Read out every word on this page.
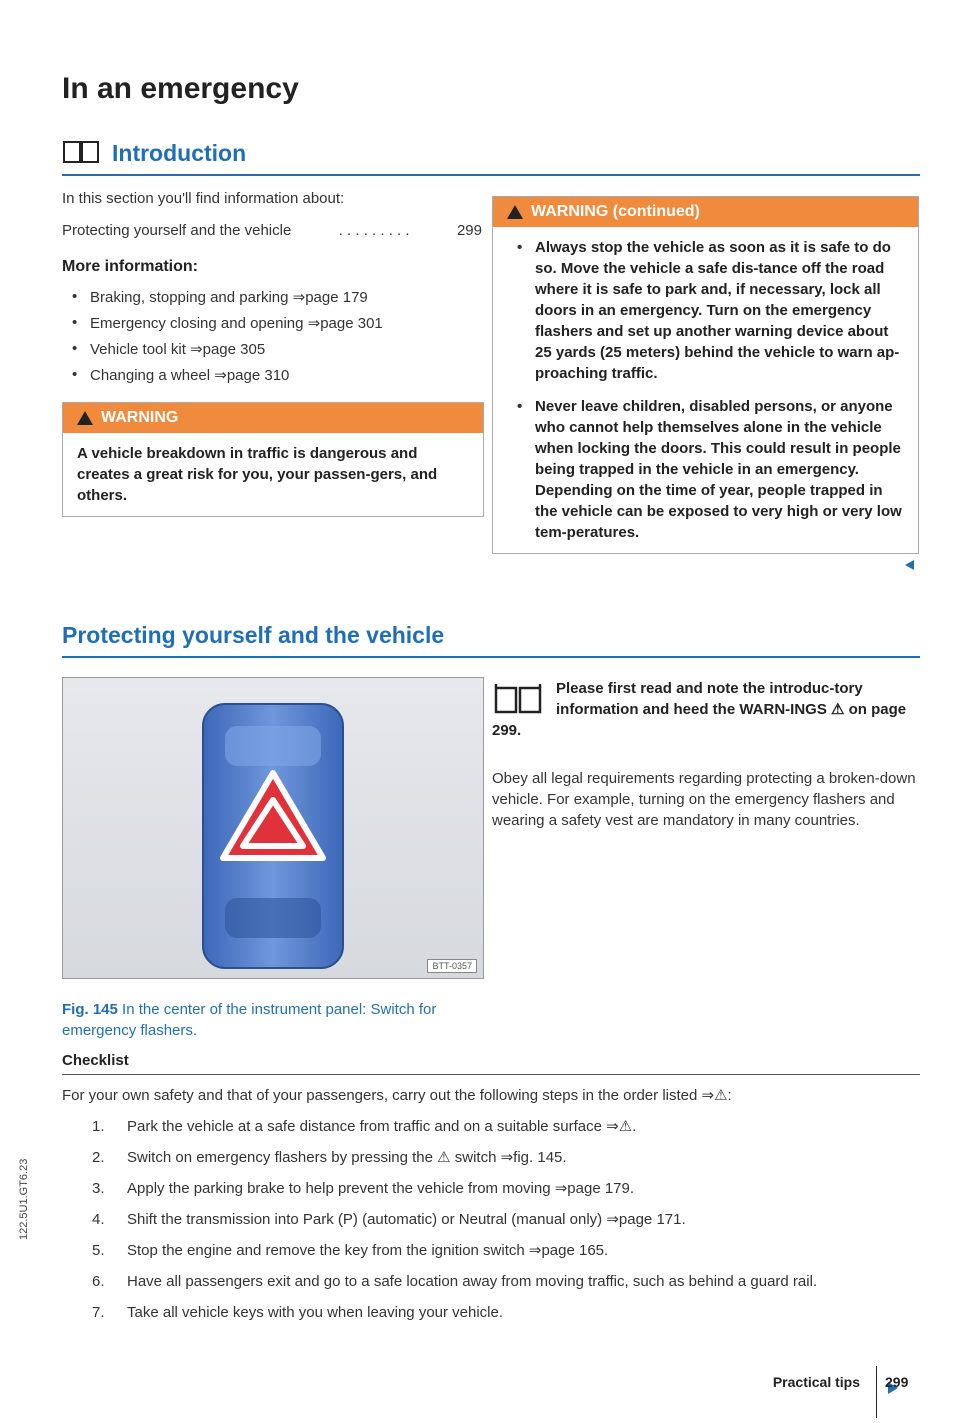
In an emergency
Introduction
In this section you'll find information about:
Protecting yourself and the vehicle	. . . . . . . . .	299
More information:
• Braking, stopping and parking ⇒page 179
• Emergency closing and opening ⇒page 301
• Vehicle tool kit ⇒page 305
• Changing a wheel ⇒page 310
WARNING
A vehicle breakdown in traffic is dangerous and creates a great risk for you, your passen-gers, and others.
WARNING (continued)
• Always stop the vehicle as soon as it is safe to do so. Move the vehicle a safe dis-tance off the road where it is safe to park and, if necessary, lock all doors in an emergency. Turn on the emergency flashers and set up another warning device about 25 yards (25 meters) behind the vehicle to warn ap-proaching traffic.
• Never leave children, disabled persons, or anyone who cannot help themselves alone in the vehicle when locking the doors. This could result in people being trapped in the vehicle in an emergency. Depending on the time of year, people trapped in the vehicle can be exposed to very high or very low tem-peratures.
Protecting yourself and the vehicle
BTT-0357
Fig. 145 In the center of the instrument panel: Switch for emergency flashers.
Please first read and note the introduc-tory information and heed the WARN-INGS ⚠ on page 299.
Obey all legal requirements regarding protecting a broken-down vehicle. For example, turning on the emergency flashers and wearing a safety vest are mandatory in many countries.
Checklist
For your own safety and that of your passengers, carry out the following steps in the order listed ⇒⚠:
1. Park the vehicle at a safe distance from traffic and on a suitable surface ⇒⚠.
2. Switch on emergency flashers by pressing the ⚠ switch ⇒fig. 145.
3. Apply the parking brake to help prevent the vehicle from moving ⇒page 179.
4. Shift the transmission into Park (P) (automatic) or Neutral (manual only) ⇒page 171.
5. Stop the engine and remove the key from the ignition switch ⇒page 165.
6. Have all passengers exit and go to a safe location away from moving traffic, such as behind a guard rail.
7. Take all vehicle keys with you when leaving your vehicle.
Practical tips 299
122.5U1.GT6.23
